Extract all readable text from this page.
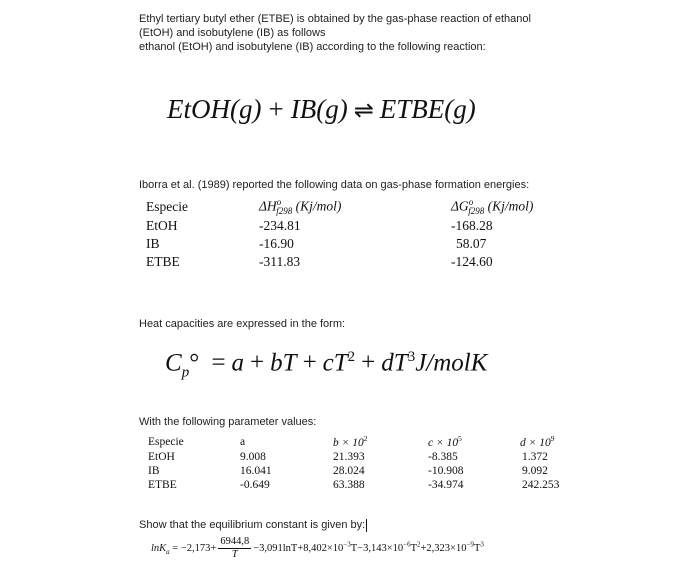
Ethyl tertiary butyl ether (ETBE) is obtained by the gas-phase reaction of ethanol
(EtOH) and isobutylene (IB) as follows
ethanol (EtOH) and isobutylene (IB) according to the following reaction:
EtOH(g) + IB(g) ⇌ ETBE(g)
Iborra et al. (1989) reported the following data on gas-phase formation energies:
Especie	$\Delta H^o_{f298}$ (Kj/mol)	$\Delta G^o_{f298}$ (Kj/mol)
EtOH	-234.81	-168.28
IB	-16.90	58.07
ETBE	-311.83	-124.60
Heat capacities are expressed in the form:
$C_p^\circ = a$ + bT + $cT^2$ + $dT^3J$/molK
With the following parameter values:
Especie	a	$b \times 10^2$	$c \times 10^5$	$d \times 10^9$
EtOH	9.008	21.393	-8.385	1.372
IB	16.041	28.024	-10.908	9.092
ETBE	-0.649	63.388	-34.974	242.253
Show that the equilibrium constant is given by:
$\ln K_a = -2,173+ \frac{6944,8}{T} -3,091\ln T+8,402\times 10^{-3}T-3,143\times 10^{-6}T^2+2,323\times 10^{-9}T^3$
